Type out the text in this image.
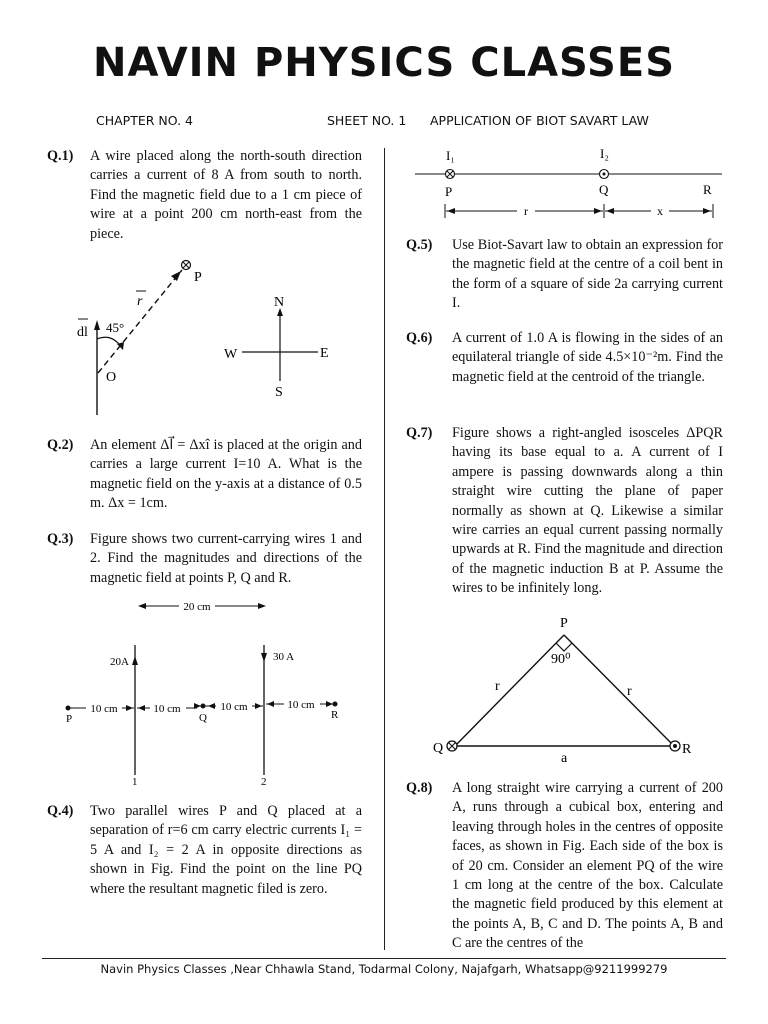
NAVIN PHYSICS CLASSES
CHAPTER NO. 4	SHEET NO. 1 APPLICATION OF BIOT SAVART LAW
Q.1) A wire placed along the north-south direction carries a current of 8 A from south to north. Find the magnetic field due to a 1 cm piece of wire at a point 200 cm north-east from the piece.
P
r
dl 45°
O
N
S
E
W
Q.2) An element Δl⃗ = Δxî is placed at the origin and carries a large current I=10 A. What is the magnetic field on the y-axis at a distance of 0.5 m. Δx = 1cm.
Q.3) Figure shows two current-carrying wires 1 and 2. Find the magnitudes and directions of the magnetic field at points P, Q and R.
20 cm
20A	30 A
10 cm	10 cm	10 cm	10 cm
P	Q	R
1	2
Q.4) Two parallel wires P and Q placed at a separation of r=6 cm carry electric currents I₁ = 5 A and I₂ = 2 A in opposite directions as shown in Fig. Find the point on the line PQ where the resultant magnetic filed is zero.
I₁	I₂
P	Q	R
r	x
Q.5) Use Biot-Savart law to obtain an expression for the magnetic field at the centre of a coil bent in the form of a square of side 2a carrying current I.
Q.6) A current of 1.0 A is flowing in the sides of an equilateral triangle of side 4.5×10⁻²m. Find the magnetic field at the centroid of the triangle.
Q.7) Figure shows a right-angled isosceles ΔPQR having its base equal to a. A current of I ampere is passing downwards along a thin straight wire cutting the plane of paper normally as shown at Q. Likewise a similar wire carries an equal current passing normally upwards at R. Find the magnitude and direction of the magnetic induction B at P. Assume the wires to be infinitely long.
P
Q	R
r	r
a
90⁰
Q.8) A long straight wire carrying a current of 200 A, runs through a cubical box, entering and leaving through holes in the centres of opposite faces, as shown in Fig. Each side of the box is of 20 cm. Consider an element PQ of the wire 1 cm long at the centre of the box. Calculate the magnetic field produced by this element at the points A, B, C and D. The points A, B and C are the centres of the
Navin Physics Classes ,Near Chhawla Stand, Todarmal Colony, Najafgarh, Whatsapp@9211999279
